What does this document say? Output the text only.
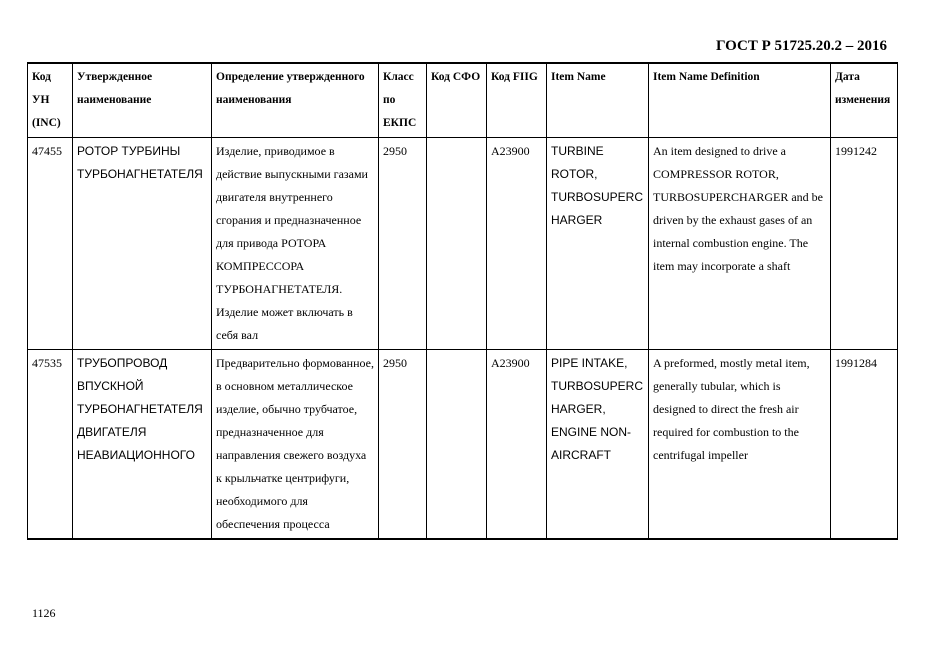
ГОСТ Р 51725.20.2 – 2016
Код УН (INC)	Утвержденное наименование	Определение утвержденного наименования	Класс по ЕКПС	Код СФО	Код FIIG	Item Name	Item Name Definition	Дата изменения
47455	РОТОР ТУРБИНЫ ТУРБОНАГНЕТАТЕЛЯ	Изделие, приводимое в действие выпускными газами двигателя внутреннего сгорания и предназначенное для привода РОТОРА КОМПРЕССОРА ТУРБОНАГНЕТАТЕЛЯ. Изделие может включать в себя вал	2950		A23900	TURBINE ROTOR, TURBOSUPERCHARGER	An item designed to drive a COMPRESSOR ROTOR, TURBOSUPERCHARGER and be driven by the exhaust gases of an internal combustion engine. The item may incorporate a shaft	1991242
47535	ТРУБОПРОВОД ВПУСКНОЙ ТУРБОНАГНЕТАТЕЛЯ ДВИГАТЕЛЯ НЕАВИАЦИОННОГО	Предварительно формованное, в основном металлическое изделие, обычно трубчатое, предназначенное для направления свежего воздуха к крыльчатке центрифуги, необходимого для обеспечения процесса	2950		A23900	PIPE INTAKE, TURBOSUPERCHARGER, ENGINE NON-AIRCRAFT	A preformed, mostly metal item, generally tubular, which is designed to direct the fresh air required for combustion to the centrifugal impeller	1991284
1126
